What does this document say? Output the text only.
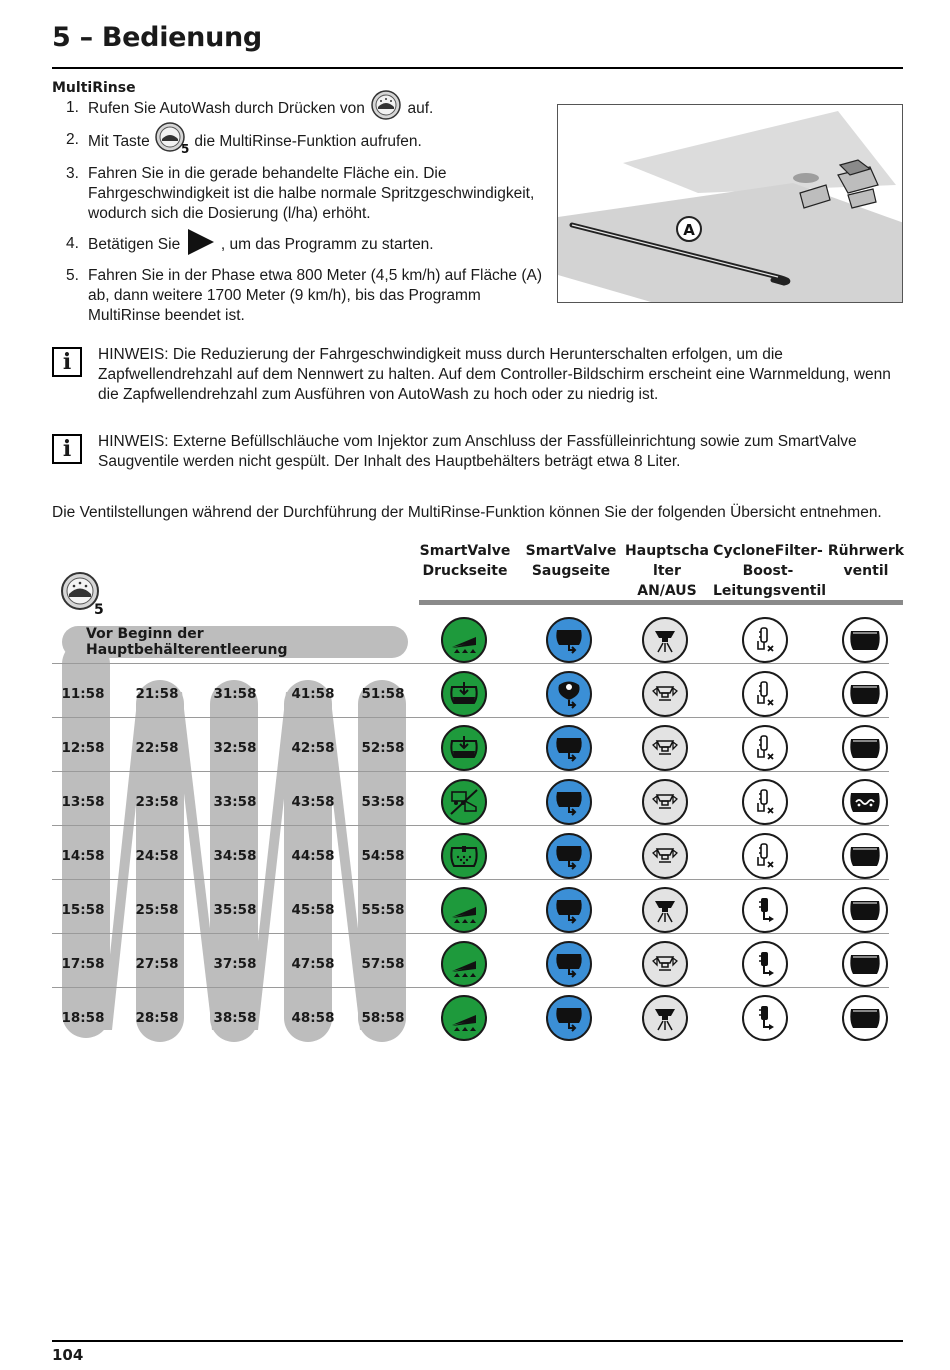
5 – Bedienung
MultiRinse
1. Rufen Sie AutoWash durch Drücken von	auf.
2. Mit Taste	5 die MultiRinse-Funktion aufrufen.
3. Fahren Sie in die gerade behandelte Fläche ein. Die Fahrgeschwindigkeit ist die halbe normale Spritzgeschwindigkeit, wodurch sich die Dosierung (l/ha) erhöht.
4. Betätigen Sie	, um das Programm zu starten.
5. Fahren Sie in der Phase etwa 800 Meter (4,5 km/h) auf Fläche (A) ab, dann weitere 1700 Meter (9 km/h), bis das Programm MultiRinse beendet ist.
A
i HINWEIS: Die Reduzierung der Fahrgeschwindigkeit muss durch Herunterschalten erfolgen, um die Zapfwellendrehzahl auf dem Nennwert zu halten. Auf dem Controller-Bildschirm erscheint eine Warnmeldung, wenn die Zapfwellendrehzahl zum Ausführen von AutoWash zu hoch oder zu niedrig ist.
i HINWEIS: Externe Befüllschläuche vom Injektor zum Anschluss der Fassfülleinrichtung sowie zum SmartValve Saugventile werden nicht gespült. Der Inhalt des Hauptbehälters beträgt etwa 8 Liter.
Die Ventilstellungen während der Durchführung der MultiRinse-Funktion können Sie der folgenden Übersicht entnehmen.
5
SmartValve Druckseite
SmartValve Saugseite
Hauptscha lter AN/AUS
CycloneFilter- Boost- Leitungsventil
Rührwerk ventil
Vor Beginn der Hauptbehälterentleerung
11:58	21:58	31:58	41:58	51:58
12:58	22:58	32:58	42:58	52:58
13:58	23:58	33:58	43:58	53:58
14:58	24:58	34:58	44:58	54:58
15:58	25:58	35:58	45:58	55:58
17:58	27:58	37:58	47:58	57:58
18:58	28:58	38:58	48:58	58:58
104
